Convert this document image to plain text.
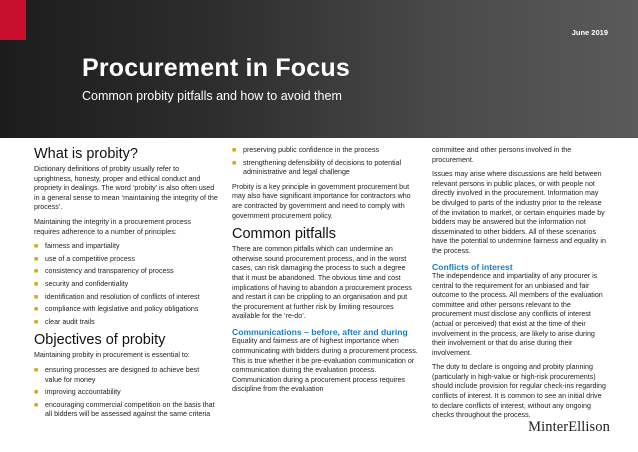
June 2019
Procurement in Focus
Common probity pitfalls and how to avoid them
What is probity?

Dictionary definitions of probity usually refer to uprightness, honesty, proper and ethical conduct and propriety in dealings. The word ‘probity’ is also often used in a general sense to mean ‘maintaining the integrity of the process’.

Maintaining the integrity in a procurement process requires adherence to a number of principles:

■ fairness and impartiality
■ use of a competitive process
■ consistency and transparency of process
■ security and confidentiality
■ identification and resolution of conflicts of interest
■ compliance with legislative and policy obligations
■ clear audit trails
Objectives of probity

Maintaining probity in procurement is essential to:

■ ensuring processes are designed to achieve best value for money
■ improving accountability
■ encouraging commercial competition on the basis that all bidders will be assessed against the same criteria
■ preserving public confidence in the process
■ strengthening defensibility of decisions to potential administrative and legal challenge

Probity is a key principle in government procurement but may also have significant importance for contractors who are contracted by government and need to comply with government procurement policy.

Common pitfalls

There are common pitfalls which can undermine an otherwise sound procurement process, and in the worst cases, can risk damaging the process to such a degree that it must be abandoned. The obvious time and cost implications of having to abandon a procurement process and restart it can be crippling to an organisation and put the procurement at further risk by limiting resources available for the ‘re-do’.

Communications – before, after and during

Equality and fairness are of highest importance when communicating with bidders during a procurement process. This is true whether it be pre-evaluation communication or communication during the evaluation process. Communication during a procurement process requires discipline from the evaluation

committee and other persons involved in the procurement.

Issues may arise where discussions are held between relevant persons in public places, or with people not directly involved in the procurement. Information may be divulged to parts of the industry prior to the release of the invitation to market, or certain enquiries made by bidders may be answered but the information not disseminated to other bidders. All of these scenarios have the potential to undermine fairness and equality in the process.

Conflicts of interest

The independence and impartiality of any procurer is central to the requirement for an unbiased and fair outcome to the process. All members of the evaluation committee and other persons relevant to the procurement must disclose any conflicts of interest (actual or perceived) that exist at the time of their involvement in the process, are likely to arise during their involvement or that do arise during their involvement.

The duty to declare is ongoing and probity planning (particularly in high-value or high-risk procurements) should include provision for regular check-ins regarding conflicts of interest. It is common to see an initial drive to declare conflicts of interest, without any ongoing checks throughout the process.

MinterEllison
